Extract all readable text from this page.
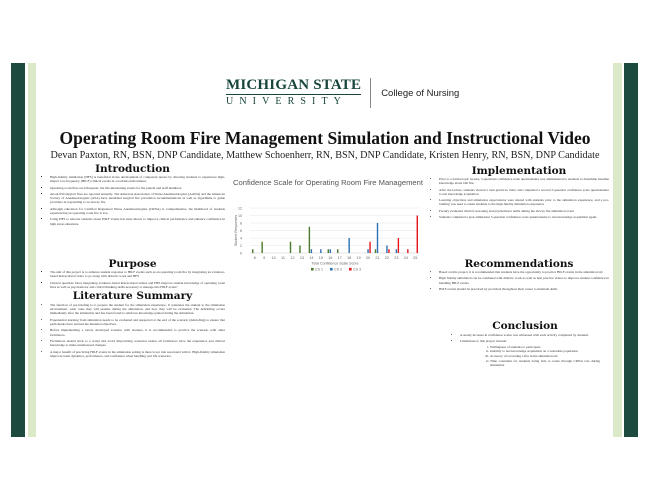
MICHIGAN STATE
UNIVERSITY
College of Nursing
Operating Room Fire Management Simulation and Instructional Video
Devan Paxton, RN, BSN, DNP Candidate, Matthew Schoenherr, RN, BSN, DNP Candidate, Kristen Henry, RN, BSN, DNP Candidate
Introduction
▪ High-fidelity simulation (HFS) is beneficial in the development of competent nurses by allowing students to experience high-impact low-frequency (HILF) clinical events in a nonrisk environment.
▪ Operating room fires are infrequent, but life-threatening events for the patient and staff members.
▪ About 650 surgical fires are reported annually. The American Association of Nurse Anesthesiologists (AANA) and the American Society of Anesthesiologists (ASA) have identified surgical fire prevention recommendations as well as algorithms to guide providers in responding to an airway fire
▪ Although education for Certified Registered Nurse Anesthesiologists (CRNA) is comprehensive, the likelihood of students experiencing an operating room fire is low.
▪ Using HFS to educate students about HILF events has been shown to improve clinical performance and enhance confidence in high stress situations.
Purpose
▪ The aim of this project is to enhance student response to HILF events such as an operating room fire by integrating an evidence-based instructional video to go along with didactic work and HFS
▪ Clinical question: Does integrating evidence-based instructional videos and HFS improve student knowledge of operating room fires as well as psychomotor and critical thinking skills necessary to manage this HILF event?
Literature Summary
• The function of pre-briefing is to prepare the student for the simulation experience. It orientates the student to the simulation environment, what roles they will assume during the simulation, and how they will be evaluated. The debriefing occurs immediately after the simulation and has been found to reinforce knowledge gained during the simulation.
• Experiential learning from simulation needs to be evaluated and supported at the end of the scenario (debriefing) to ensure that participants have learned the intended objectives.
• Before implementing a newly developed scenario with learners, it is recommended to practice the scenario with other facilitators.
• Facilitators should stick to a script and avoid improvising scenarios unless all facilitators have the experience and clinical knowledge to make unrehearsed changes.
• A major benefit of practicing HILF events in the simulation setting is there is not risk associated with it. High-fidelity simulation improves team dynamics, performance, and confidence when handling real life scenarios.
Confidence Scale for Operating Room Fire Management
0
2
4
6
8
10
12
8 9 10 11 12 13 14 15 16 17 18 19 20 21 22 23 24 25
Student Responses
Total Confidence Scale Score
CS 1	CS 2	CS 3
Implementation
• Prior to a formal topic lecture, 5-questions confidence scale questionnaire was administered to students to determine baseline knowledge about OR fire.
• After the lecture, students viewed a best-practices video and completed a second 5-question confidence scale questionnaire to test knowledge acquisition
• Learning objectives and simulation expectations were shared with students prior to the simulation experience, and a pre-briefing was used to orient students to the high-fidelity simulation experience
• Faculty evaluated clinical reasoning and psychomotor skills during the airway fire simulation event
• Students completed a post-simulation 5-question confidence scale questionnaire to test knowledge acquisition again.
Recommendations
• Based on this project, it is recommended that students have the opportunity to practice HILF events in the simulation lab
• High fidelity simulation can be combined with didactic work as well as best practice videos to improve student confidence in handling HILF events
• HILF events should be practiced by providers throughout their career to maintain skills
Conclusion
• A steady increase in confidence scales was witnessed with each activity completed by students
• Limitations to this project include:
i. Willingness of students to participate
ii. Inability to test knowledge acquisition on a venerable population
iii. Accuracy of recreating a fire in the simulation lab
iv. Time constraint for students being able to rotate through CRNA role during simulation
